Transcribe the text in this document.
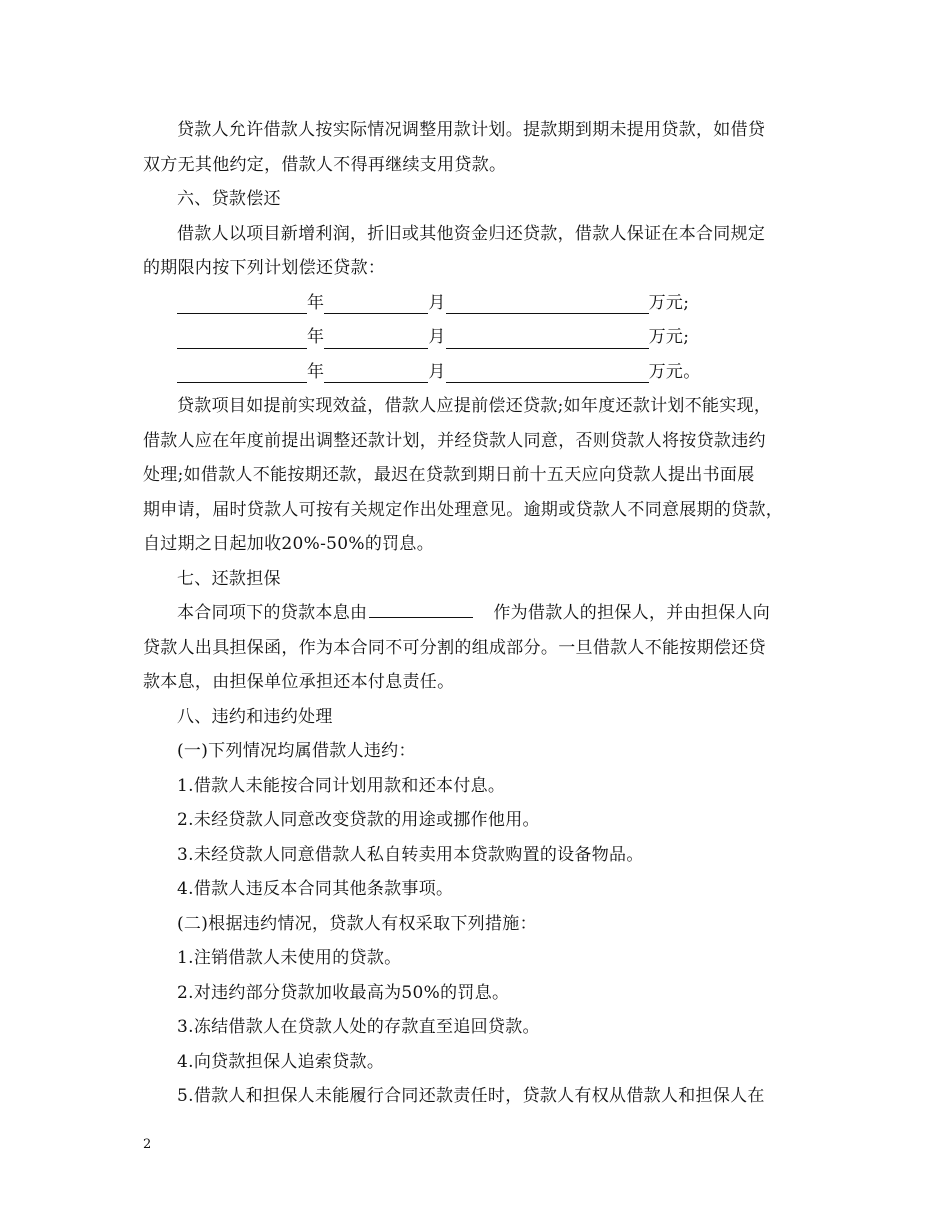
贷款人允许借款人按实际情况调整用款计划。提款期到期未提用贷款，如借贷
双方无其他约定，借款人不得再继续支用贷款。
六、贷款偿还
借款人以项目新增利润，折旧或其他资金归还贷款，借款人保证在本合同规定
的期限内按下列计划偿还贷款：
年	月	万元;
年	月	万元;
年	月	万元。
贷款项目如提前实现效益，借款人应提前偿还贷款;如年度还款计划不能实现，
借款人应在年度前提出调整还款计划，并经贷款人同意，否则贷款人将按贷款违约
处理;如借款人不能按期还款，最迟在贷款到期日前十五天应向贷款人提出书面展
期申请，届时贷款人可按有关规定作出处理意见。逾期或贷款人不同意展期的贷款，
自过期之日起加收20%-50%的罚息。
七、还款担保
本合同项下的贷款本息由	作为借款人的担保人，并由担保人向
贷款人出具担保函，作为本合同不可分割的组成部分。一旦借款人不能按期偿还贷
款本息，由担保单位承担还本付息责任。
八、违约和违约处理
(一)下列情况均属借款人违约：
1.借款人未能按合同计划用款和还本付息。
2.未经贷款人同意改变贷款的用途或挪作他用。
3.未经贷款人同意借款人私自转卖用本贷款购置的设备物品。
4.借款人违反本合同其他条款事项。
(二)根据违约情况，贷款人有权采取下列措施：
1.注销借款人未使用的贷款。
2.对违约部分贷款加收最高为50%的罚息。
3.冻结借款人在贷款人处的存款直至追回贷款。
4.向贷款担保人追索贷款。
5.借款人和担保人未能履行合同还款责任时，贷款人有权从借款人和担保人在
2
